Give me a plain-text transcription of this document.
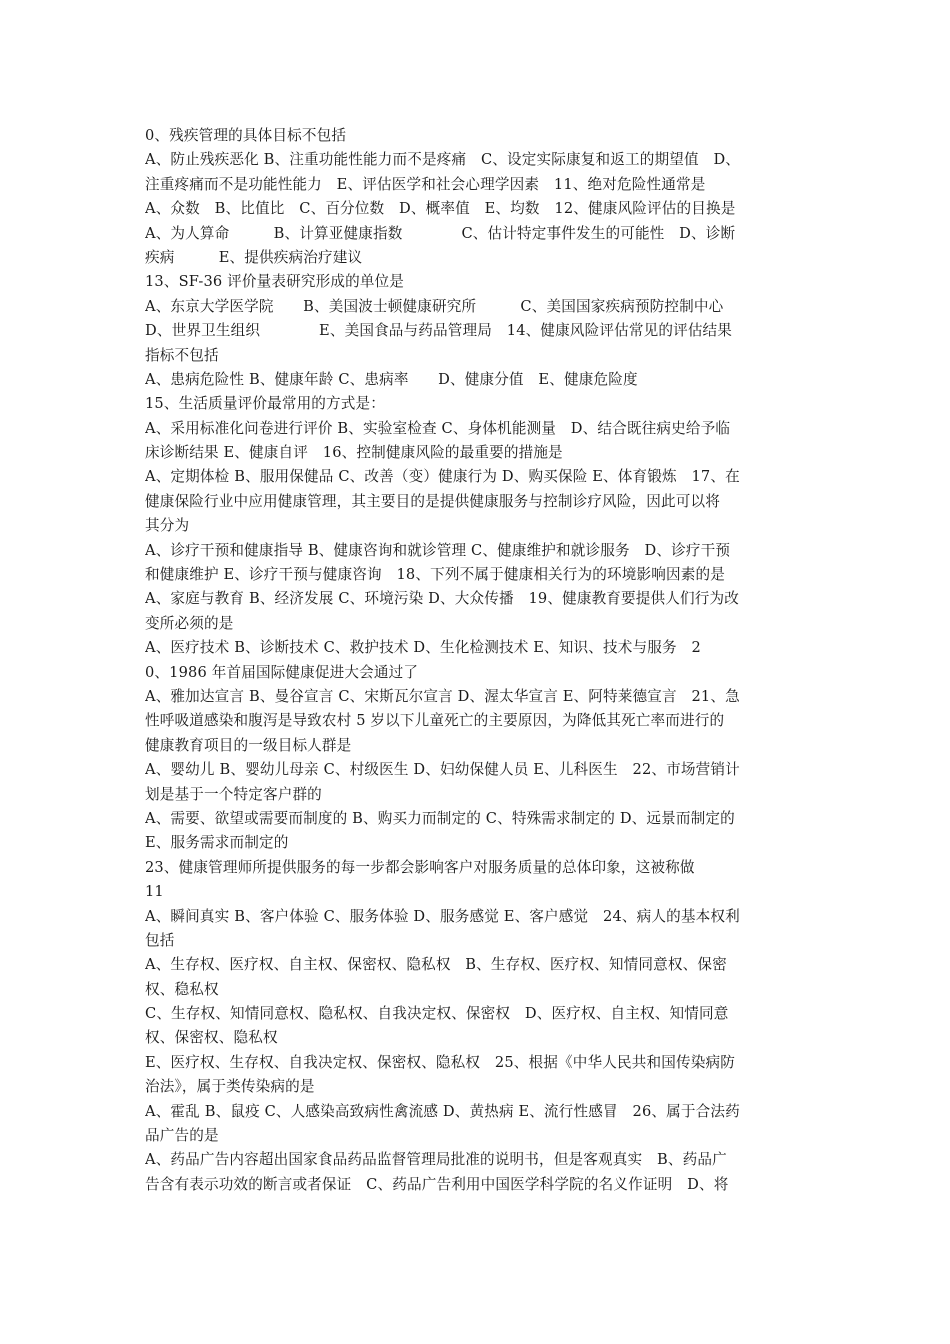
0、残疾管理的具体目标不包括
A、防止残疾恶化 B、注重功能性能力而不是疼痛　C、设定实际康复和返工的期望值　D、
注重疼痛而不是功能性能力　E、评估医学和社会心理学因素　11、绝对危险性通常是
A、众数　B、比值比　C、百分位数　D、概率值　E、均数　12、健康风险评估的目换是
A、为人算命　　　B、计算亚健康指数　　　　C、估计特定事件发生的可能性　D、诊断
疾病　　　E、提供疾病治疗建议
13、SF-36 评价量表研究形成的单位是
A、东京大学医学院　　B、美国波士顿健康研究所　　　C、美国国家疾病预防控制中心
D、世界卫生组织　　　　E、美国食品与药品管理局　14、健康风险评估常见的评估结果
指标不包括
A、患病危险性 B、健康年龄 C、患病率　　D、健康分值　E、健康危险度
15、生活质量评价最常用的方式是：
A、采用标准化问卷进行评价 B、实验室检查 C、身体机能测量　D、结合既往病史给予临
床诊断结果 E、健康自评　16、控制健康风险的最重要的措施是
A、定期体检 B、服用保健品 C、改善（变）健康行为 D、购买保险 E、体育锻炼　17、在
健康保险行业中应用健康管理，其主要目的是提供健康服务与控制诊疗风险，因此可以将
其分为
A、诊疗干预和健康指导 B、健康咨询和就诊管理 C、健康维护和就诊服务　D、诊疗干预
和健康维护 E、诊疗干预与健康咨询　18、下列不属于健康相关行为的环境影响因素的是
A、家庭与教育 B、经济发展 C、环境污染 D、大众传播　19、健康教育要提供人们行为改
变所必须的是
A、医疗技术 B、诊断技术 C、救护技术 D、生化检测技术 E、知识、技术与服务　2
0、1986 年首届国际健康促进大会通过了
A、雅加达宣言 B、曼谷宣言 C、宋斯瓦尔宣言 D、渥太华宣言 E、阿特莱德宣言　21、急
性呼吸道感染和腹泻是导致农村 5 岁以下儿童死亡的主要原因，为降低其死亡率而进行的
健康教育项目的一级目标人群是
A、婴幼儿 B、婴幼儿母亲 C、村级医生 D、妇幼保健人员 E、儿科医生　22、市场营销计
划是基于一个特定客户群的
A、需要、欲望或需要而制度的 B、购买力而制定的 C、特殊需求制定的 D、远景而制定的
E、服务需求而制定的
23、健康管理师所提供服务的每一步都会影响客户对服务质量的总体印象，这被称做
11
A、瞬间真实 B、客户体验 C、服务体验 D、服务感觉 E、客户感觉　24、病人的基本权利
包括
A、生存权、医疗权、自主权、保密权、隐私权　B、生存权、医疗权、知情同意权、保密
权、稳私权
C、生存权、知情同意权、隐私权、自我决定权、保密权　D、医疗权、自主权、知情同意
权、保密权、隐私权
E、医疗权、生存权、自我决定权、保密权、隐私权　25、根据《中华人民共和国传染病防
治法》，属于类传染病的是
A、霍乱 B、鼠疫 C、人感染高致病性禽流感 D、黄热病 E、流行性感冒　26、属于合法药
品广告的是
A、药品广告内容超出国家食品药品监督管理局批准的说明书，但是客观真实　B、药品广
告含有表示功效的断言或者保证　C、药品广告利用中国医学科学院的名义作证明　D、将
